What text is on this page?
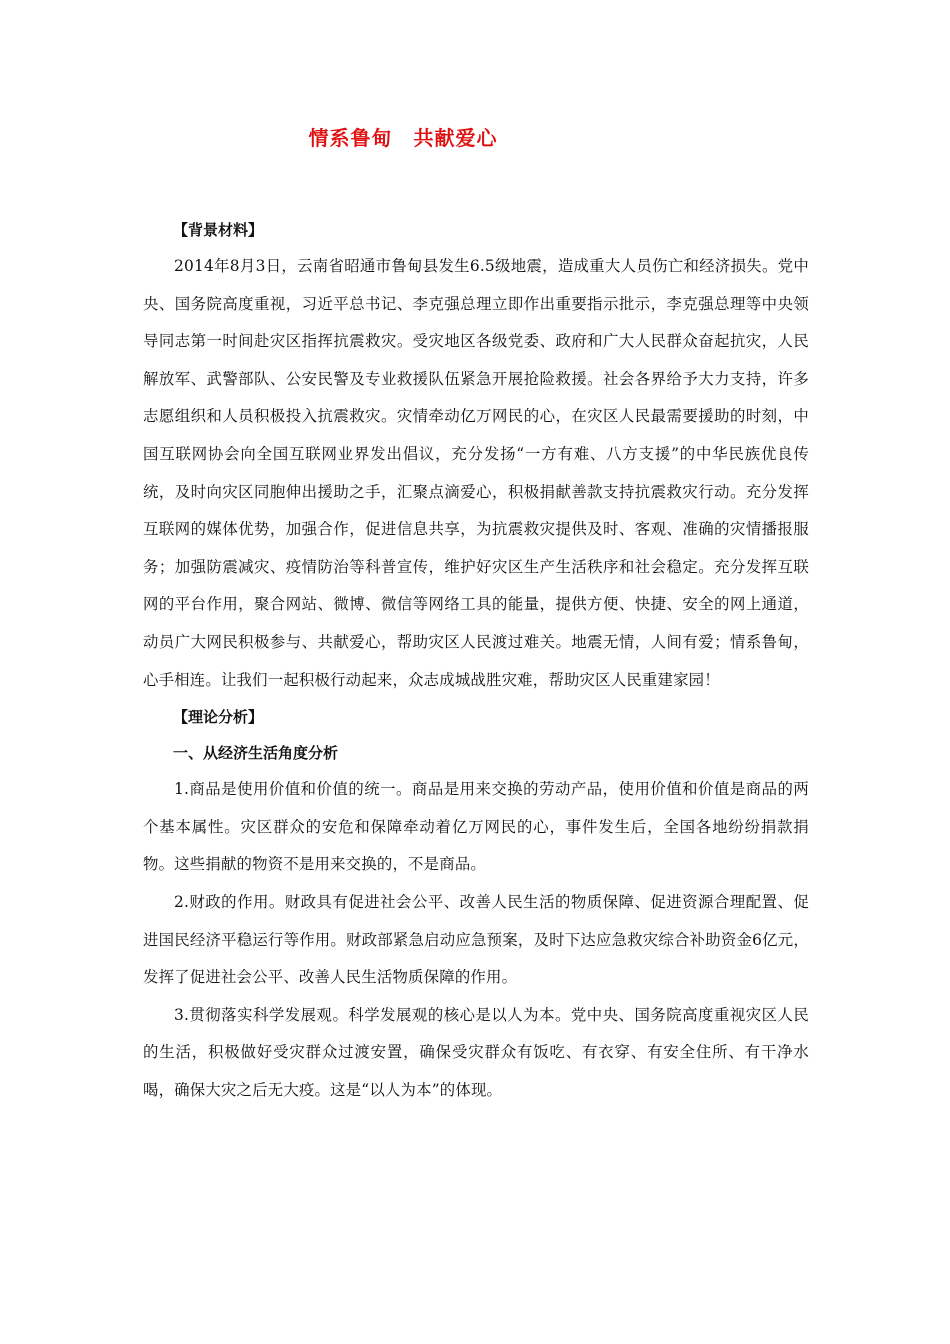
情系鲁甸　共献爱心
【背景材料】

2014年8月3日，云南省昭通市鲁甸县发生6.5级地震，造成重大人员伤亡和经济损失。党中央、国务院高度重视，习近平总书记、李克强总理立即作出重要指示批示，李克强总理等中央领导同志第一时间赴灾区指挥抗震救灾。受灾地区各级党委、政府和广大人民群众奋起抗灾，人民解放军、武警部队、公安民警及专业救援队伍紧急开展抢险救援。社会各界给予大力支持，许多志愿组织和人员积极投入抗震救灾。灾情牵动亿万网民的心，在灾区人民最需要援助的时刻，中国互联网协会向全国互联网业界发出倡议，充分发扬“一方有难、八方支援”的中华民族优良传统，及时向灾区同胞伸出援助之手，汇聚点滴爱心，积极捐献善款支持抗震救灾行动。充分发挥互联网的媒体优势，加强合作，促进信息共享，为抗震救灾提供及时、客观、准确的灾情播报服务；加强防震减灾、疫情防治等科普宣传，维护好灾区生产生活秩序和社会稳定。充分发挥互联网的平台作用，聚合网站、微博、微信等网络工具的能量，提供方便、快捷、安全的网上通道，动员广大网民积极参与、共献爱心，帮助灾区人民渡过难关。地震无情，人间有爱；情系鲁甸，心手相连。让我们一起积极行动起来，众志成城战胜灾难，帮助灾区人民重建家园！

【理论分析】
一、从经济生活角度分析

1.商品是使用价值和价值的统一。商品是用来交换的劳动产品，使用价值和价值是商品的两个基本属性。灾区群众的安危和保障牵动着亿万网民的心，事件发生后，全国各地纷纷捐款捐物。这些捐献的物资不是用来交换的，不是商品。

2.财政的作用。财政具有促进社会公平、改善人民生活的物质保障、促进资源合理配置、促进国民经济平稳运行等作用。财政部紧急启动应急预案，及时下达应急救灾综合补助资金6亿元，发挥了促进社会公平、改善人民生活物质保障的作用。

3.贯彻落实科学发展观。科学发展观的核心是以人为本。党中央、国务院高度重视灾区人民的生活，积极做好受灾群众过渡安置，确保受灾群众有饭吃、有衣穿、有安全住所、有干净水喝，确保大灾之后无大疫。这是“以人为本”的体现。
